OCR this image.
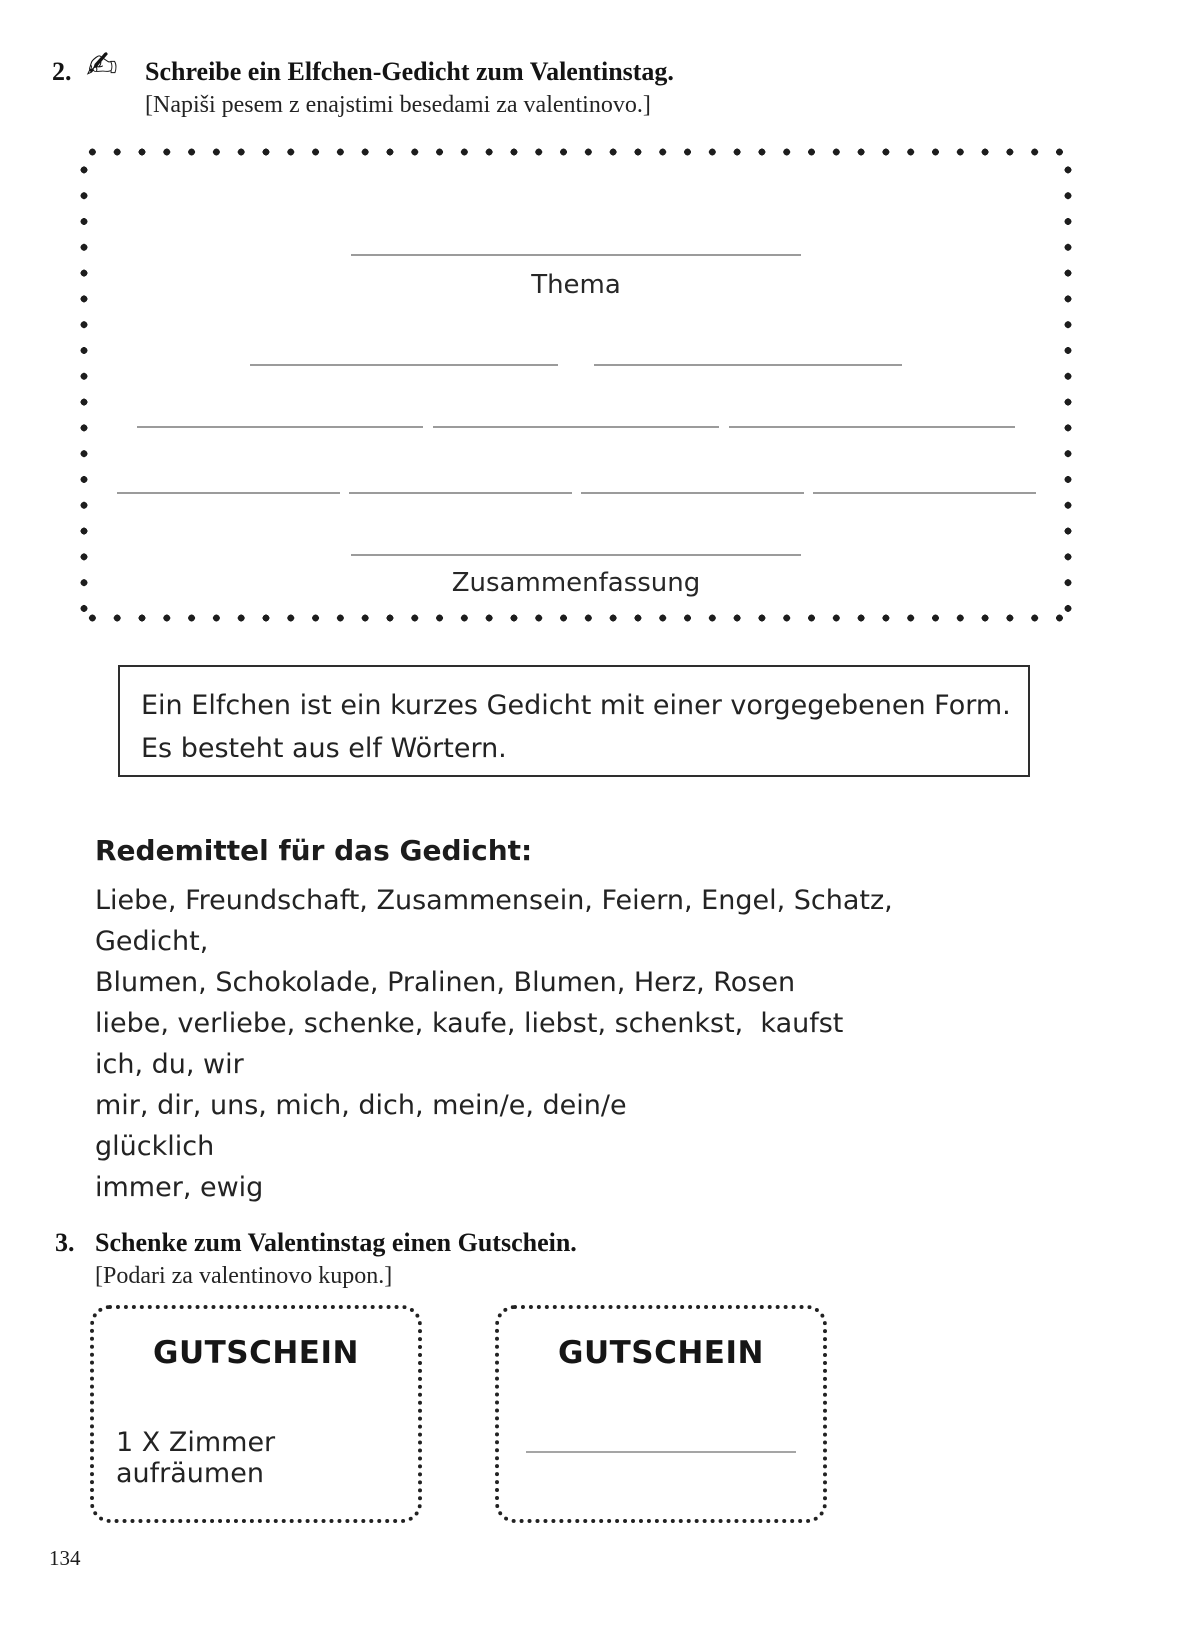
2. ✍ Schreibe ein Elfchen-Gedicht zum Valentinstag.
[Napiši pesem z enajstimi besedami za valentinovo.]
Thema
Zusammenfassung
Ein Elfchen ist ein kurzes Gedicht mit einer vorgegebenen Form.
Es besteht aus elf Wörtern.
Redemittel für das Gedicht:
Liebe, Freundschaft, Zusammensein, Feiern, Engel, Schatz, Gedicht,
Blumen, Schokolade, Pralinen, Blumen, Herz, Rosen
liebe, verliebe, schenke, kaufe, liebst, schenkst,  kaufst
ich, du, wir
mir, dir, uns, mich, dich, mein/e, dein/e
glücklich
immer, ewig
3. Schenke zum Valentinstag einen Gutschein.
[Podari za valentinovo kupon.]
GUTSCHEIN
1 X Zimmer aufräumen
GUTSCHEIN
134
